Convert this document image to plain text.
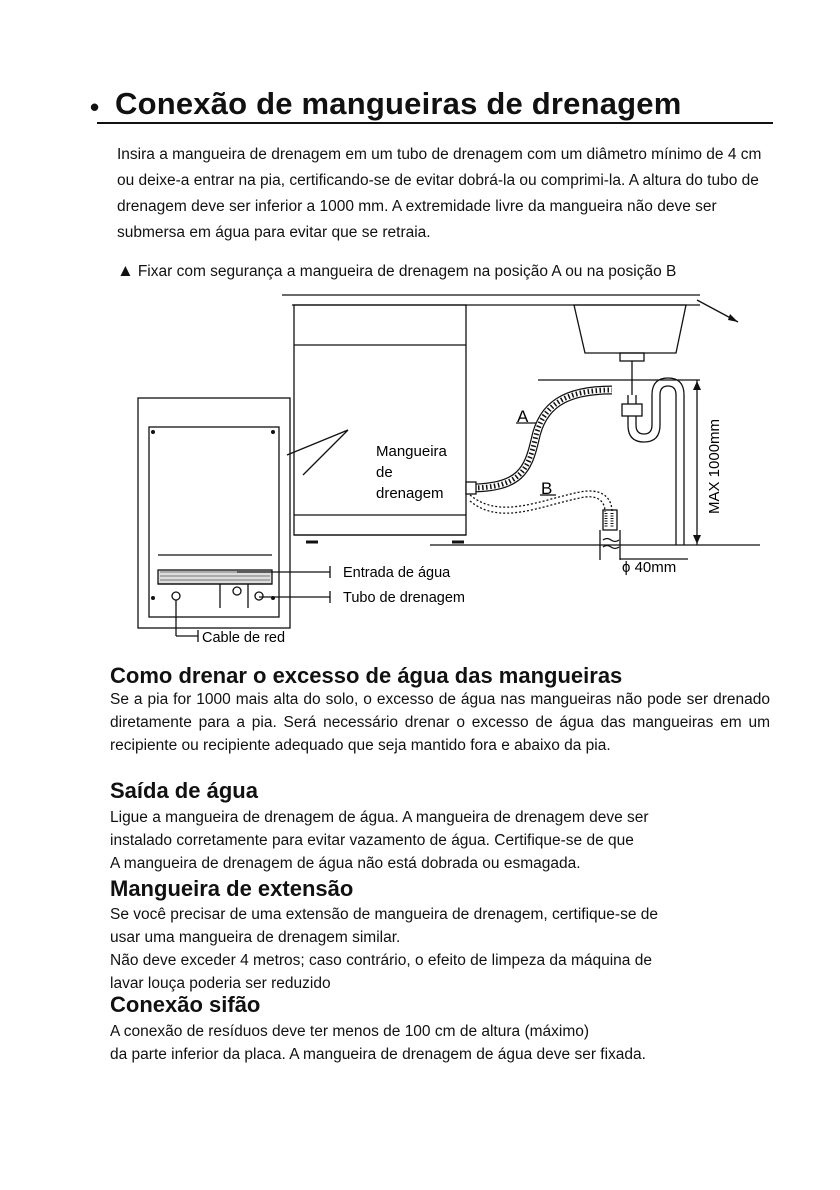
• Conexão de mangueiras de drenagem

Insira a mangueira de drenagem em um tubo de drenagem com um diâmetro mínimo de 4 cm ou deixe-a entrar na pia, certificando-se de evitar dobrá-la ou comprimi-la. A altura do tubo de drenagem deve ser inferior a 1000 mm. A extremidade livre da mangueira não deve ser submersa em água para evitar que se retraia.

▲ Fixar com segurança a mangueira de drenagem na posição A ou na posição B
Mangueira
de
drenagem
A
B	MAX 1000mm
ϕ 40mm
Entrada de água
Tubo de drenagem
Cable de red
Como drenar o excesso de água das mangueiras

Se a pia for 1000 mais alta do solo, o excesso de água nas mangueiras não pode ser drenado diretamente para a pia. Será necessário drenar o excesso de água das mangueiras em um recipiente ou recipiente adequado que seja mantido fora e abaixo da pia.

Saída de água

Ligue a mangueira de drenagem de água. A mangueira de drenagem deve ser

instalado corretamente para evitar vazamento de água. Certifique-se de que

A mangueira de drenagem de água não está dobrada ou esmagada.

Mangueira de extensão

Se você precisar de uma extensão de mangueira de drenagem, certifique-se de

usar uma mangueira de drenagem similar.

Não deve exceder 4 metros; caso contrário, o efeito de limpeza da máquina de

lavar louça poderia ser reduzido

Conexão sifão

A conexão de resíduos deve ter menos de 100 cm de altura (máximo)

da parte inferior da placa. A mangueira de drenagem de água deve ser fixada.
